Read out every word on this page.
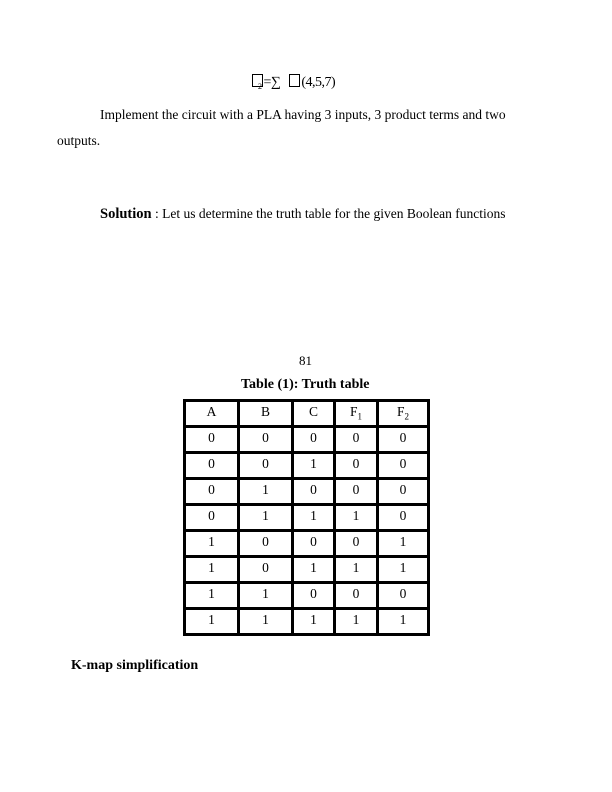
$_2$ =∑ (4,5,7)
Implement the circuit with a PLA having 3 inputs, 3 product terms and two
outputs.
Solution : Let us determine the truth table for the given Boolean functions
81
Table (1): Truth table
A	B	C	$F_1$	$F_2$
0	0	0	0	0
0	0	1	0	0
0	1	0	0	0
0	1	1	1	0
1	0	0	0	1
1	0	1	1	1
1	1	0	0	0
1	1	1	1	1
K-map simplification
